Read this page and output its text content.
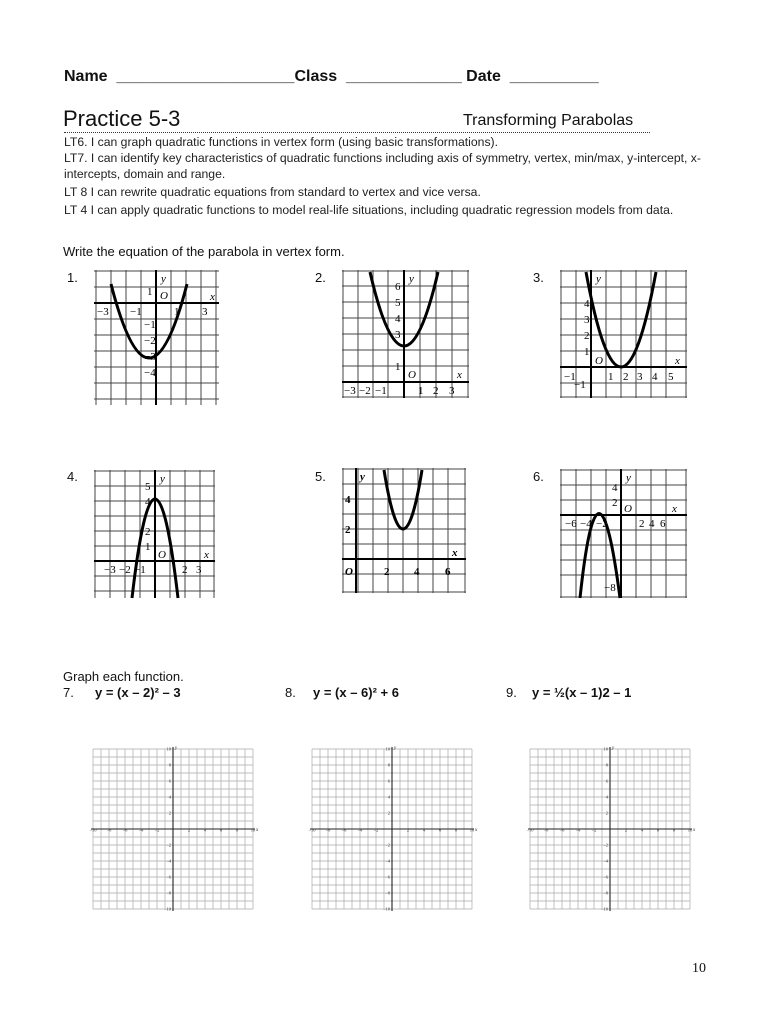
Name ____________________Class _____________ Date __________
Practice 5-3	Transforming Parabolas
LT6. I can graph quadratic functions in vertex form (using basic transformations).
LT7. I can identify key characteristics of quadratic functions including axis of symmetry, vertex, min/max, y-intercept, x-intercepts, domain and range.
LT 8 I can rewrite quadratic equations from standard to vertex and vice versa.
LT 4 I can apply quadratic functions to model real-life situations, including quadratic regression models from data.
Write the equation of the parabola in vertex form.
1.	2.	3.
4.	5.	6.
−3 −1	1 3
1
−1
−2
−3
−4
O	x
y
−3 −2 −1	1 2 3
6
5
4
3
1
O	x
y
−1	1 2 3 4 5
4
3
2
1
−1
O	x
y
−3 −2 −1	2 3
5
4
2
1
O	x
y
2 4 6
4
2
O
x
y
−6 −4 −2	2 4 6
4
2
−8
O	x
y
Graph each function.
7. y = (x – 2)² – 3	8. y = (x – 6)² + 6	9. y = ½(x – 1)2 – 1
−10 −8 −6 −4 −2	2	4	6	8	10
10
8
6
4
2
−2
−4
−6
−8
−10
x
y
−10 −8 −6 −4 −2	2	4	6	8	10
10
8
6
4
2
−2
−4
−6
−8
−10
x
y
−10 −8 −6 −4 −2	2	4	6	8	10
10
8
6
4
2
−2
−4
−6
−8
−10
x
y
10
